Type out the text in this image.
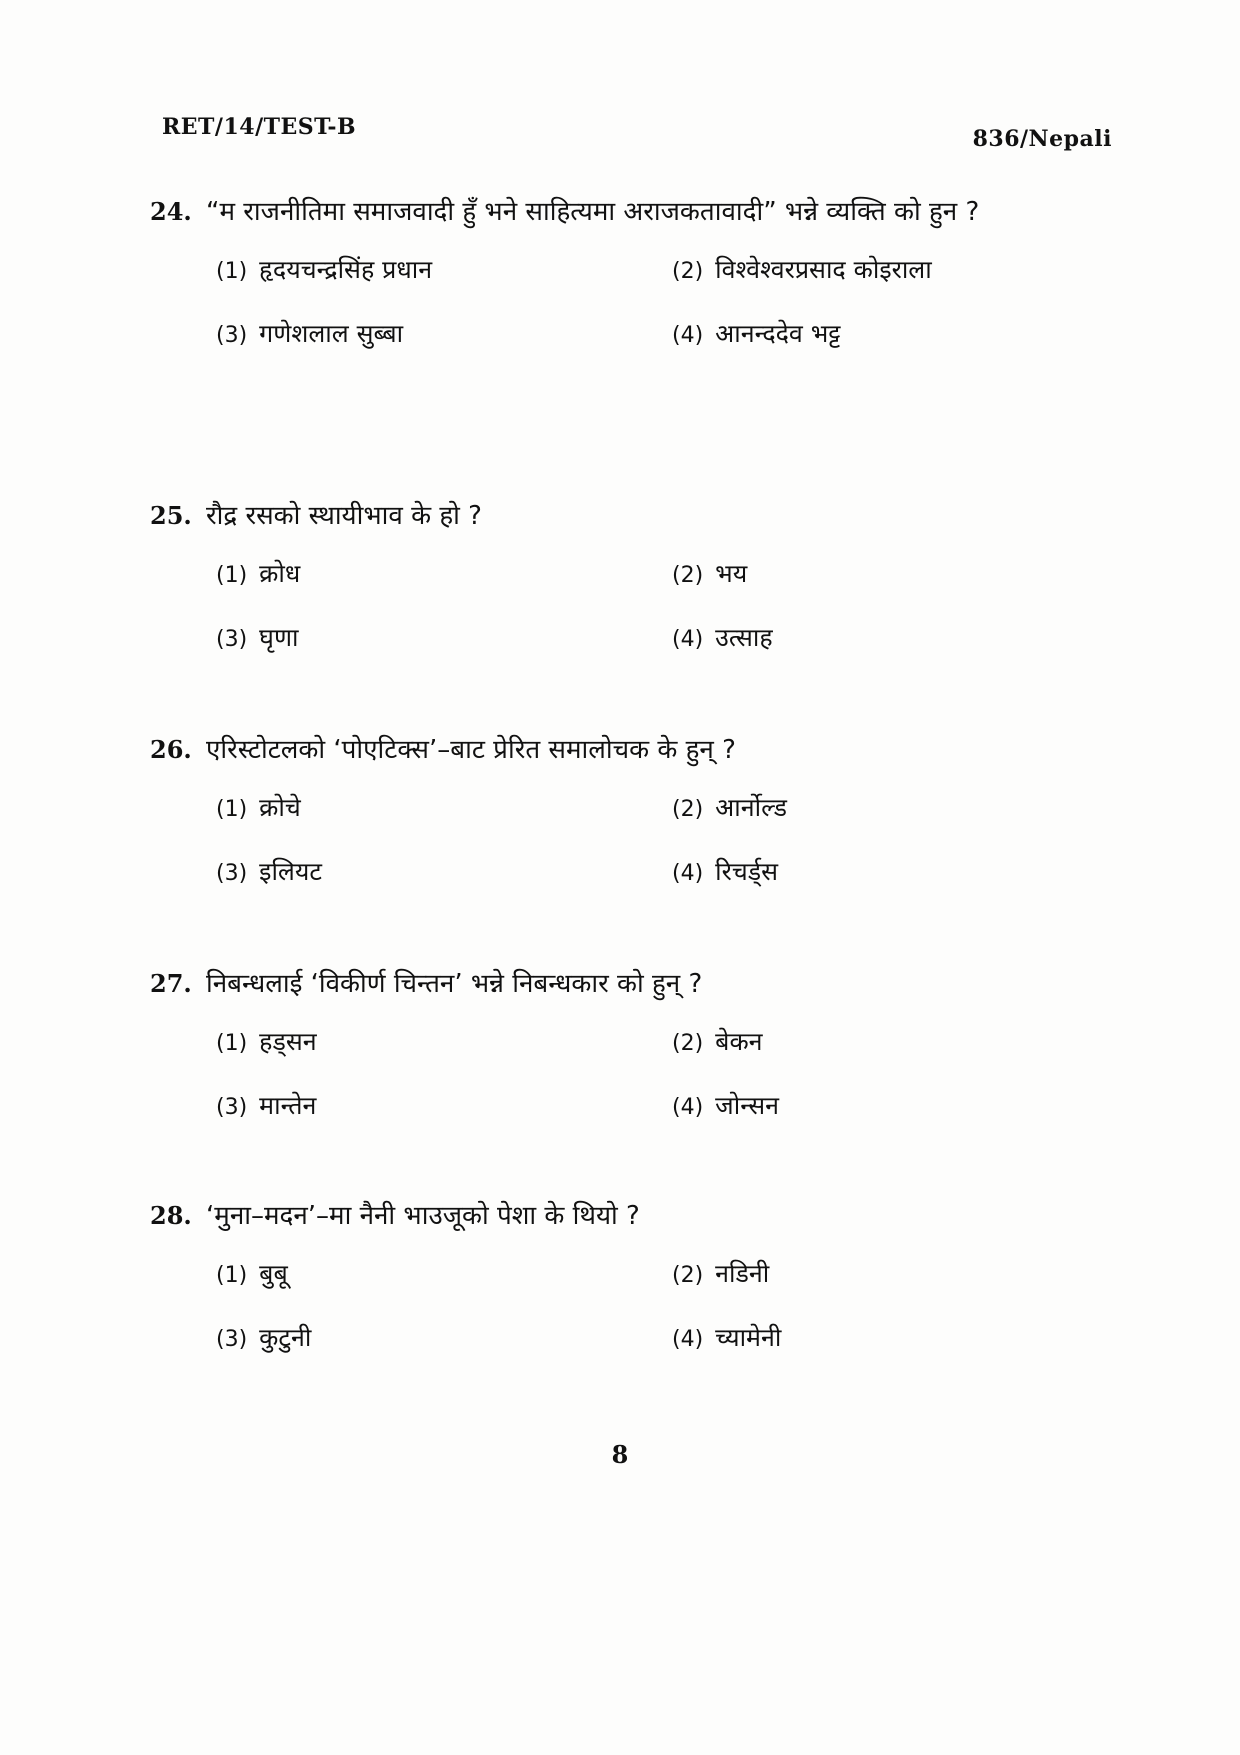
RET/14/TEST-B	836/Nepali
24. “म राजनीतिमा समाजवादी हुँ भने साहित्यमा अराजकतावादी” भन्ने व्यक्ति को हुन ?
(1) हृदयचन्द्रसिंह प्रधान	(2) विश्वेश्वरप्रसाद कोइराला
(3) गणेशलाल सुब्बा	(4) आनन्ददेव भट्ट
25. रौद्र रसको स्थायीभाव के हो ?
(1) क्रोध	(2) भय
(3) घृणा	(4) उत्साह
26. एरिस्टोटलको ‘पोएटिक्स’–बाट प्रेरित समालोचक के हुन् ?
(1) क्रोचे	(2) आर्नोल्ड
(3) इलियट	(4) रिचर्ड्स
27. निबन्धलाई ‘विकीर्ण चिन्तन’ भन्ने निबन्धकार को हुन् ?
(1) हड्सन	(2) बेकन
(3) मान्तेन	(4) जोन्सन
28. ‘मुना–मदन’–मा नैनी भाउजूको पेशा के थियो ?
(1) बुबू	(2) नडिनी
(3) कुटुनी	(4) च्यामेनी
8
